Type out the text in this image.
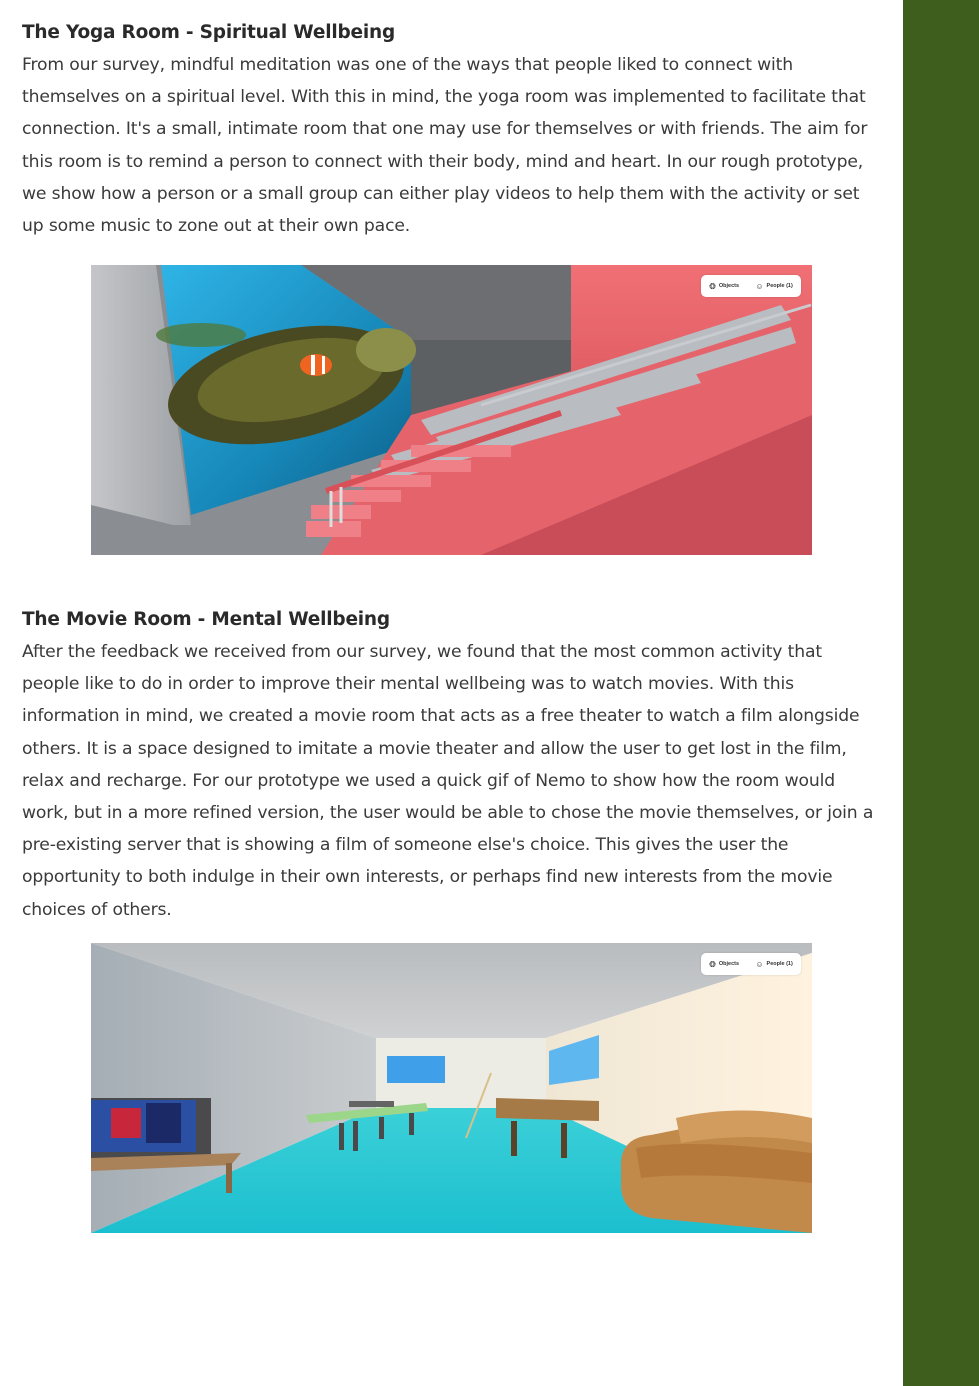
The Yoga Room - Spiritual Wellbeing

From our survey, mindful meditation was one of the ways that people liked to connect with themselves on a spiritual level. With this in mind, the yoga room was implemented to facilitate that connection. It's a small, intimate room that one may use for themselves or with friends. The aim for this room is to remind a person to connect with their body, mind and heart. In our rough prototype, we show how a person or a small group can either play videos to help them with the activity or set up some music to zone out at their own pace.

❂ Objects ☺ People (1)
The Movie Room - Mental Wellbeing

After the feedback we received from our survey, we found that the most common activity that people like to do in order to improve their mental wellbeing was to watch movies. With this information in mind, we created a movie room that acts as a free theater to watch a film alongside others. It is a space designed to imitate a movie theater and allow the user to get lost in the film, relax and recharge. For our prototype we used a quick gif of Nemo to show how the room would work, but in a more refined version, the user would be able to chose the movie themselves, or join a pre-existing server that is showing a film of someone else's choice. This gives the user the opportunity to both indulge in their own interests, or perhaps find new interests from the movie choices of others.

❂ Objects ☺ People (1)
